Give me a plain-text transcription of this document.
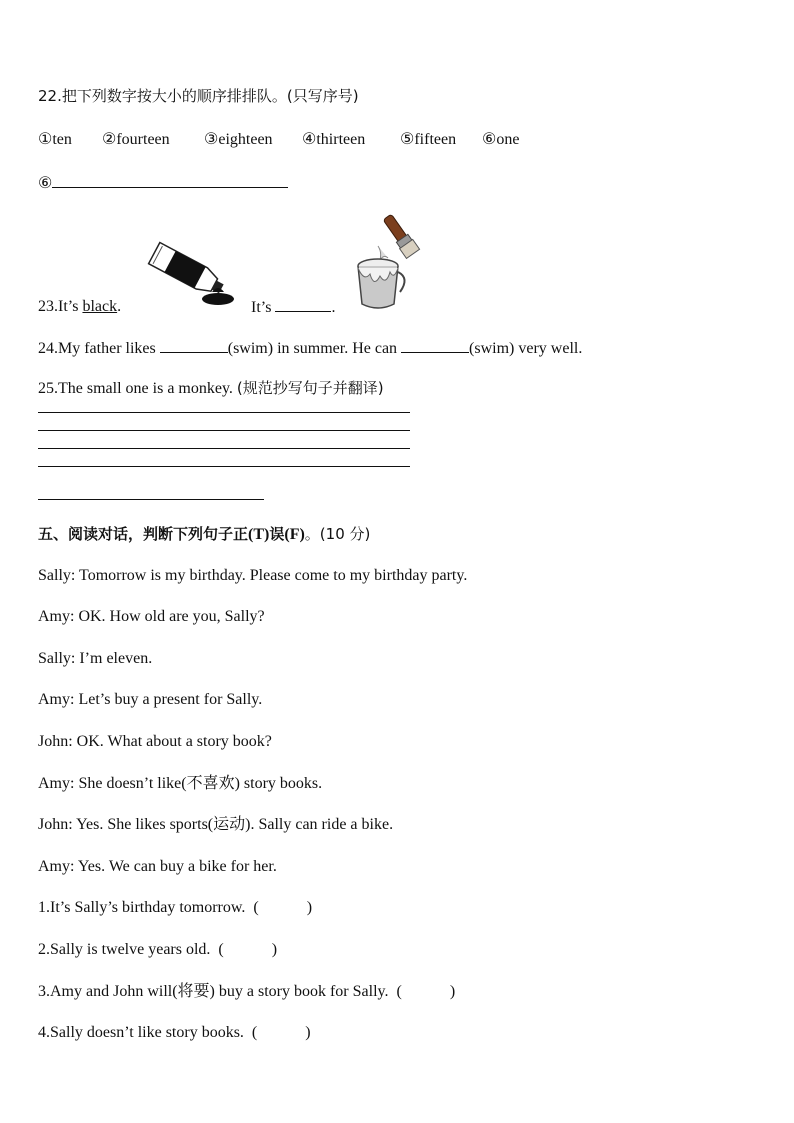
22.把下列数字按大小的顺序排排队。(只写序号)
①ten ②fourteen ③eighteen ④thirteen ⑤fifteen ⑥one
⑥
23.It’s black.	It’s	.
24.My father likes	(swim) in summer. He can	(swim) very well.
25.The small one is a monkey. (规范抄写句子并翻译)
五、阅读对话，判断下列句子正(T)误(F)。(10 分)
Sally: Tomorrow is my birthday. Please come to my birthday party.
Amy: OK. How old are you, Sally?
Sally: I’m eleven.
Amy: Let’s buy a present for Sally.
John: OK. What about a story book?
Amy: She doesn’t like(不喜欢) story books.
John: Yes. She likes sports(运动). Sally can ride a bike.
Amy: Yes. We can buy a bike for her.
1.It’s Sally’s birthday tomorrow. (            )
2.Sally is twelve years old. (            )
3.Amy and John will(将要) buy a story book for Sally. (            )
4.Sally doesn’t like story books. (            )
